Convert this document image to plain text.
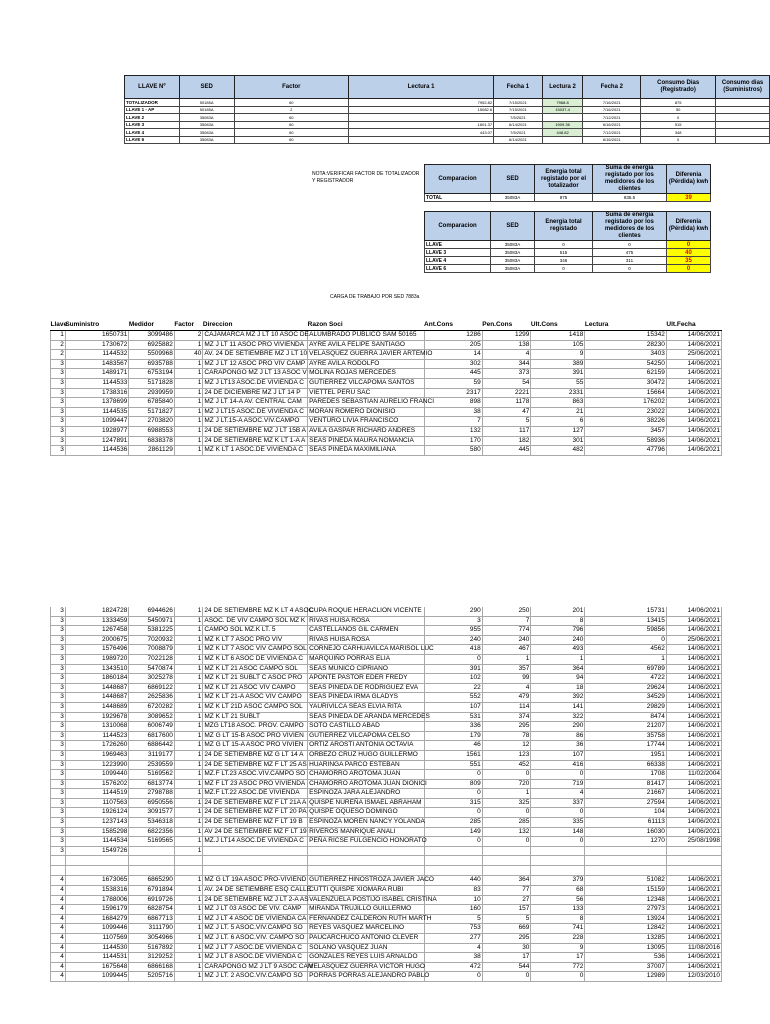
LLAVE Nº	SED	Factor	Lectura 1	Fecha 1	Lectura 2	Fecha 2	Consumo Dias (Registrado)	Consumo dias (Suministros)
TOTALIZADOR	50185A	60	7952.82	7/15/2021	7968.8	7/16/2021	875	
LLAVE 1 - AP	50185A	2	15082.6	7/15/2021	15037.4	7/16/2021	50	
LLAVE 2	35083A	60		7/5/2021		7/12/2021	0	
LLAVE 3	35083A	60	1601.37	6/14/2021	1909.36	6/16/2021	515	
LLAVE 4	35083A	60	443.07	7/5/2021	448.82	7/12/2021	348	
LLAVE 6	35083A	60		6/14/2021		6/16/2021	0	
NOTA:VERIFICAR FACTOR DE TOTALIZADOR Y REGISTRADOR	Comparacion	SED	Energia total registado por el totalizador	Suma de energia registado por los medidores de los clientes	Diferenia (Pérdida) kwh
TOTAL	35083A	875	835.5	39
Comparacion	SED	Energia total registado	Suma de energia registado por los medidores de los clientes	Diferenia (Pérdida) kwh
LLAVE	35083A	0	0	0
LLAVE 3	35083A	515	475	40
LLAVE 4	35083A	346	311	35
LLAVE 6	35083A	0	0	0
CARGA DE TRABAJO POR SED 7883a
Llave	Suministro	Medidor	Factor	Direccion	Razon Soci	Ant.Cons	Pen.Cons	Ult.Cons	Lectura	Ult.Fecha
1	1650731	3099486	2	CAJAMARCA MZ J LT 10 ASOC DE	ALUMBRADO PUBLICO SAM 50165	1286	1299	1418	15342	14/06/2021
2	1730672	6925882	1	MZ J LT 11 ASOC PRO VIVIENDA	AYRE AVILA FELIPE SANTIAGO	205	138	105	28230	14/06/2021
2	1144532	5509968	40	AV. 24 DE SETIEMBRE MZ J LT 10	VELASQUEZ GUERRA JAVIER ARTEMIO	14	4	9	3403	25/06/2021
3	1483567	6935788	1	MZ J LT 12 ASOC PRO VIV CAMP	AYRE AVILA RODOLFO	302	344	389	54250	14/06/2021
3	1489171	6753194	1	CARAPONGO MZ J LT 13 ASOC V	MOLINA ROJAS MERCEDES	445	373	391	62159	14/06/2021
3	1144533	5171828	1	MZ J LT13 ASOC.DE VIVIENDA C	GUTIERREZ VILCAPOMA SANTOS	59	54	55	30472	14/06/2021
3	1738316	2939959	1	24 DE DICIEMBRE MZ J LT 14 P	VIETTEL PERU SAC	2317	2221	2331	15664	14/06/2021
3	1378699	6785840	1	MZ J LT 14-A AV. CENTRAL CAM	PAREDES SEBASTIAN AURELIO FRANCI	898	1178	863	176202	14/06/2021
3	1144535	5171827	1	MZ J LT15 ASOC.DE VIVIENDA C	MORAN ROMERO DIONISIO	38	47	21	23022	14/06/2021
3	1099447	2703820	1	MZ J LT.15-A ASOC.VIV.CAMPO	VENTURO LIVIA FRANCISCO	7	5	6	38226	14/06/2021
3	1928977	6988553	1	24 DE SETIEMBRE MZ J LT 15B A	AVILA GASPAR RICHARD ANDRES	132	117	127	3457	14/06/2021
3	1247891	6838378	1	24 DE SETIEMBRE MZ K LT 1-A A	SEAS PINEDA MAURA NOMANCIA	170	182	301	58936	14/06/2021
3	1144536	2861129	1	MZ K LT 1 ASOC.DE VIVIENDA C	SEAS PINEDA MAXIMILIANA	580	445	482	47796	14/06/2021
3	1824728	6944626	1	24 DE SETIEMBRE MZ K LT 4 ASOC	CUPA ROQUE HERACLION VICENTE	290	250	201	15731	14/06/2021
3	1333459	5450971	1	ASOC. DE VIV CAMPO SOL MZ K	RIVAS HUISA ROSA	3	7	8	13415	14/06/2021
3	1267458	5381225	1	CAMPO SOL MZ.K LT. 5	CASTELLANOS GIL CARMEN	955	774	796	59856	14/06/2021
3	2000675	7020932	1	MZ K LT 7 ASOC PRO VIV	RIVAS HUISA ROSA	240	240	240	0	25/06/2021
3	1576496	7008879	1	MZ K LT 7 ASOC VIV CAMPO SOL	CORNEJO CARHUAVILCA MARISOL LUC	418	467	493	4562	14/06/2021
3	1989720	7022128	1	MZ K LT 6 ASOC DE VIVIENDA C	MARQUIÑO PORRAS ELIA	0	1	1	1	14/06/2021
3	1343510	5470874	1	MZ K LT 21 ASOC CAMPO SOL	SEAS MUNICO CIPRIANO	391	357	364	69789	14/06/2021
3	1860184	3025278	1	MZ K LT 21 SUBLT C ASOC PRO	APONTE PASTOR EDER FREDY	102	99	94	4722	14/06/2021
3	1448687	6869122	1	MZ K LT 21 ASOC VIV CAMPO	SEAS PINEDA DE RODRIGUEZ EVA	22	4	18	29624	14/06/2021
3	1448687	2625836	1	MZ K LT 21-A ASOC VIV CAMPO	SEAS PINEDA IRMA GLADYS	552	479	392	34529	14/06/2021
3	1448689	6720282	1	MZ K LT 21D ASOC CAMPO SOL	YAURIVILCA SEAS ELVIA RITA	107	114	141	29829	14/06/2021
3	1929678	3089652	1	MZ K LT 21 SUBLT	SEAS PINEDA DE ARANDA MERCEDES	531	374	322	8474	14/06/2021
3	1310068	6006749	1	MZG LT18 ASOC. PROV. CAMPO	SOTO CASTILLO ABAD	336	295	290	21207	14/06/2021
3	1144523	6817600	1	MZ G LT 15-B ASOC PRO VIVIEN	GUTIERREZ VILCAPOMA CELSO	179	78	86	35758	14/06/2021
3	1726260	6886442	1	MZ G LT 15-A ASOC PRO VIVIEN	ORTIZ AROSTI ANTONIA OCTAVIA	46	12	36	17744	14/06/2021
3	1969463	3119177	1	24 DE SETIEMBRE MZ G LT 14 A	ORBEZO CRUZ HUGO GUILLERMO	1561	123	107	1951	14/06/2021
3	1223990	2539559	1	24 DE SETIEMBRE MZ F LT 25 AS	HUARINGA PARCO ESTEBAN	551	452	416	66338	14/06/2021
3	1099440	5169562	1	MZ.F LT.23 ASOC.VIV.CAMPO SO	CHAMORRO AROTOMA JUAN	0	0	0	1708	11/02/2004
3	1576202	6813774	1	MZ F LT 23 ASOC PRO VIVIENDA	CHAMORRO AROTOMA JUAN DIONICI	809	720	719	81417	14/06/2021
3	1144519	2798788	1	MZ.F LT.22 ASOC.DE VIVIENDA	ESPINOZA JARA ALEJANDRO	0	1	4	21667	14/06/2021
3	1107563	6950556	1	24 DE SETIEMBRE MZ F LT 21A A	QUISPE NUREÑA ISMAEL ABRAHAM	315	325	337	27594	14/06/2021
3	1926124	3091577	1	24 DE SETIEMBRE MZ F LT 20 PA	QUISPE OQUESO DOMINGO	0	0	0	104	14/06/2021
3	1237143	5346318	1	24 DE SETIEMBRE MZ F LT 19 B	ESPINOZA MOREN NANCY YOLANDA	285	285	335	61113	14/06/2021
3	1585298	6822356	1	AV 24 DE SETIEMBRE MZ F LT 19	RIVEROS MANRIQUE ANALI	149	132	148	16030	14/06/2021
3	1144534	5169565	1	MZ.J LT14 ASOC.DE VIVIENDA C	PEÑA RICSE FULGENCIO HONORATO	0	0	0	1270	25/08/1998
3	1549726		1							

4	1673065	6865290	1	MZ G LT 19A ASOC PRO-VIVIEND	GUTIERREZ HINOSTROZA JAVIER JACO	440	364	379	51082	14/06/2021
4	1538316	6791894	1	AV. 24 DE SETIEMBRE ESQ CALLE	CUTTI QUISPE XIOMARA RUBI	83	77	68	15159	14/06/2021
4	1788006	6919726	1	24 DE SETIEMBRE MZ J LT 2-A AS	VALENZUELA POSTIJO ISABEL CRISTINA	10	27	56	12348	14/06/2021
4	1596179	6828754	1	MZ J LT 03 ASOC DE VIV. CAMP	MIRANDA TRUJILLO GUILLERMO	160	157	133	27973	14/06/2021
4	1684279	6867713	1	MZ J LT 4 ASOC DE VIVIENDA CA	FERNANDEZ CALDERON RUTH MARTH	5	5	8	13924	14/06/2021
4	1099446	3111790	1	MZ J LT. 5 ASOC.VIV.CAMPO SO	REYES VASQUEZ MARCELINO	753	669	741	12842	14/06/2021
4	1107569	3054966	1	MZ J LT. 6 ASOC.VIV. CAMPO SO	PAUCARCHUCO ANTONIO CLEVER	277	295	228	13285	14/06/2021
4	1144530	5167892	1	MZ J LT 7 ASOC.DE VIVIENDA C	SOLANO VASQUEZ JUAN	4	30	9	13095	11/08/2016
4	1144531	3129252	1	MZ J LT 8 ASOC.DE VIVIENDA C	GONZALES REYES LUIS ARNALDO	38	17	17	536	14/06/2021
4	1675648	6866168	1	CARAPONGO MZ J LT 9 ASOC CAM	VELASQUEZ GUERRA VICTOR HUGO	472	544	772	37007	14/06/2021
4	1099445	5205716	1	MZ J LT. 2 ASOC.VIV.CAMPO SO	PORRAS PORRAS ALEJANDRO PABLO	0	0	0	12989	12/03/2010
